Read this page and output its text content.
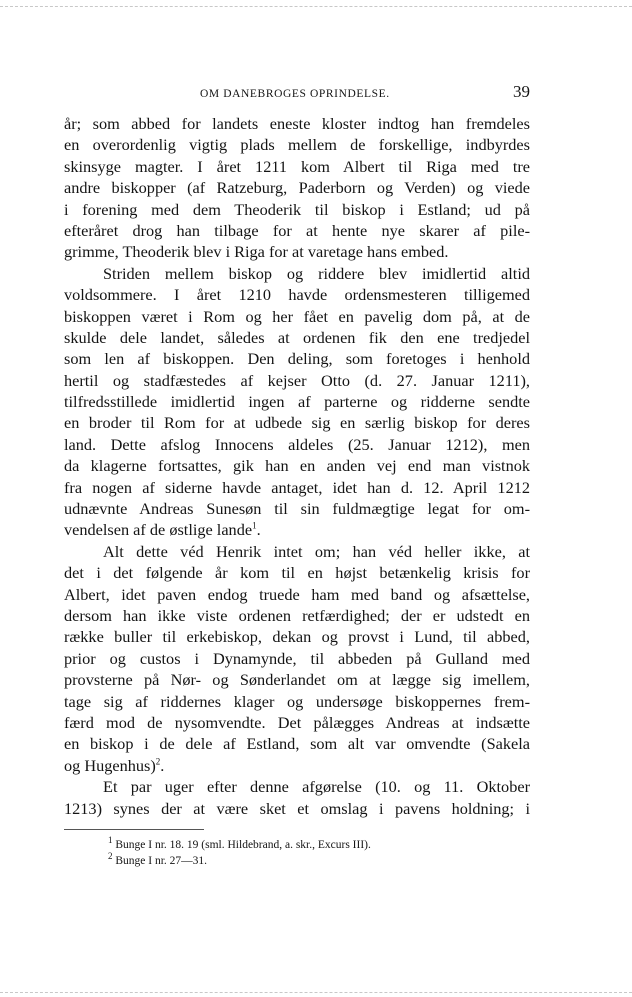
OM DANEBROGES OPRINDELSE.	39
år; som abbed for landets eneste kloster indtog han fremdeles
en overordenlig vigtig plads mellem de forskellige, indbyrdes
skinsyge magter. I året 1211 kom Albert til Riga med tre
andre biskopper (af Ratzeburg, Paderborn og Verden) og viede
i forening med dem Theoderik til biskop i Estland; ud på
efteråret drog han tilbage for at hente nye skarer af pile-
grimme, Theoderik blev i Riga for at varetage hans embed.
Striden mellem biskop og riddere blev imidlertid altid
voldsommere. I året 1210 havde ordensmesteren tilligemed
biskoppen været i Rom og her fået en pavelig dom på, at de
skulde dele landet, således at ordenen fik den ene tredjedel
som len af biskoppen. Den deling, som foretoges i henhold
hertil og stadfæstedes af kejser Otto (d. 27. Januar 1211),
tilfredsstillede imidlertid ingen af parterne og ridderne sendte
en broder til Rom for at udbede sig en særlig biskop for deres
land. Dette afslog Innocens aldeles (25. Januar 1212), men
da klagerne fortsattes, gik han en anden vej end man vistnok
fra nogen af siderne havde antaget, idet han d. 12. April 1212
udnævnte Andreas Sunesøn til sin fuldmægtige legat for om-
vendelsen af de østlige lande$^1$.
Alt dette véd Henrik intet om; han véd heller ikke, at
det i det følgende år kom til en højst betænkelig krisis for
Albert, idet paven endog truede ham med band og afsættelse,
dersom han ikke viste ordenen retfærdighed; der er udstedt en
række buller til erkebiskop, dekan og provst i Lund, til abbed,
prior og custos i Dynamynde, til abbeden på Gulland med
provsterne på Nør- og Sønderlandet om at lægge sig imellem,
tage sig af riddernes klager og undersøge biskoppernes frem-
færd mod de nysomvendte. Det pålægges Andreas at indsætte
en biskop i de dele af Estland, som alt var omvendte (Sakela
og Hugenhus)$^2$.
Et par uger efter denne afgørelse (10. og 11. Oktober
1213) synes der at være sket et omslag i pavens holdning; i
$^1$ Bunge I nr. 18. 19 (sml. Hildebrand, a. skr., Excurs III).
$^2$ Bunge I nr. 27—31.
